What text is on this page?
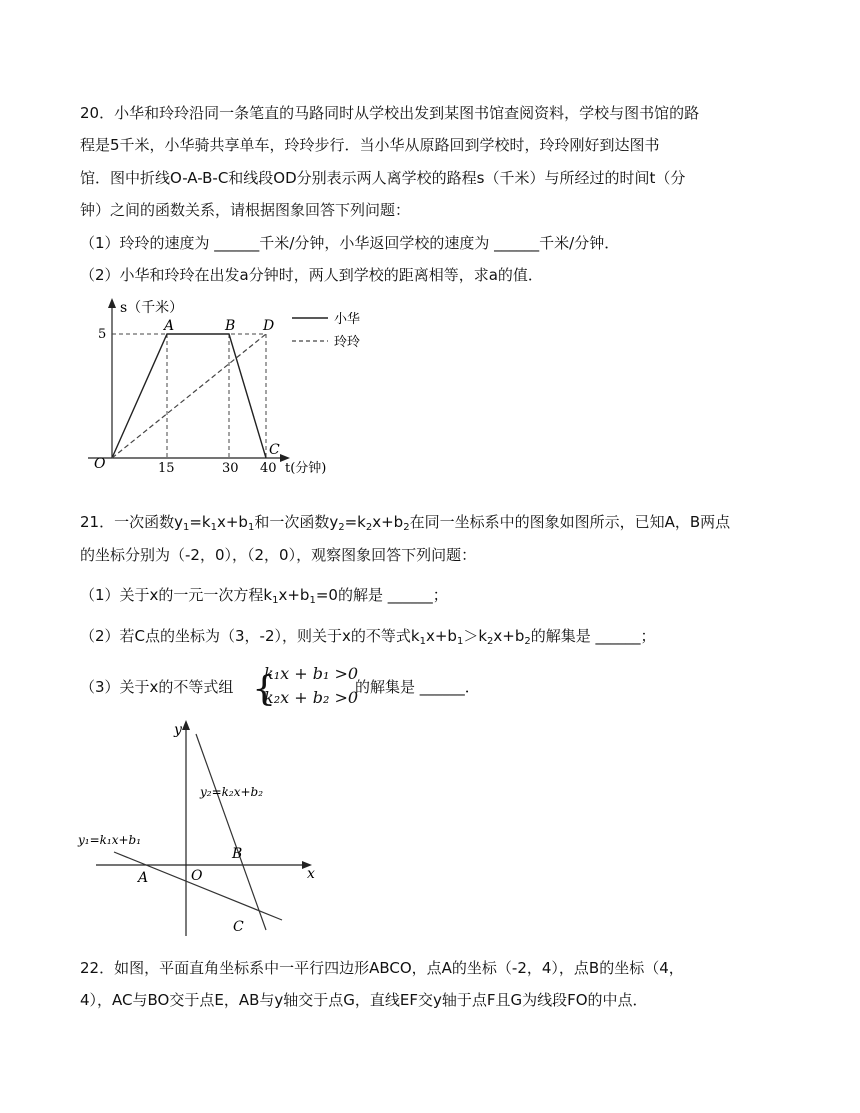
20．小华和玲玲沿同一条笔直的马路同时从学校出发到某图书馆查阅资料，学校与图书馆的路
程是5千米，小华骑共享单车，玲玲步行．当小华从原路回到学校时，玲玲刚好到达图书
馆．图中折线O-A-B-C和线段OD分别表示两人离学校的路程s（千米）与所经过的时间t（分
钟）之间的函数关系，请根据图象回答下列问题：
（1）玲玲的速度为 ______千米/分钟，小华返回学校的速度为 ______千米/分钟．
（2）小华和玲玲在出发a分钟时，两人到学校的距离相等，求a的值．
s（千米）
t(分钟)
O
5
15	30 40
A	B D
C
小华
玲玲
21．一次函数$y_1=k_1x+b_1$和一次函数$y_2=k_2x+b_2$在同一坐标系中的图象如图所示，已知A，B两点
的坐标分别为（-2，0），（2，0），观察图象回答下列问题：
（1）关于x的一元一次方程$k_1x+b_1=0$的解是 ______；
（2）若C点的坐标为（3，-2），则关于x的不等式$k_1x+b_1>k_2x+b_2$的解集是 ______；
（3）关于x的不等式组 {
k₁x + b₁ >0
k₂x + b₂ >0
的解集是 ______．
x
y
O
y₁=k₁x+b₁
y₂=k₂x+b₂
A
B
C
22．如图，平面直角坐标系中一平行四边形ABCO，点A的坐标（-2，4），点B的坐标（4，
4），AC与BO交于点E，AB与y轴交于点G，直线EF交y轴于点F且G为线段FO的中点．
